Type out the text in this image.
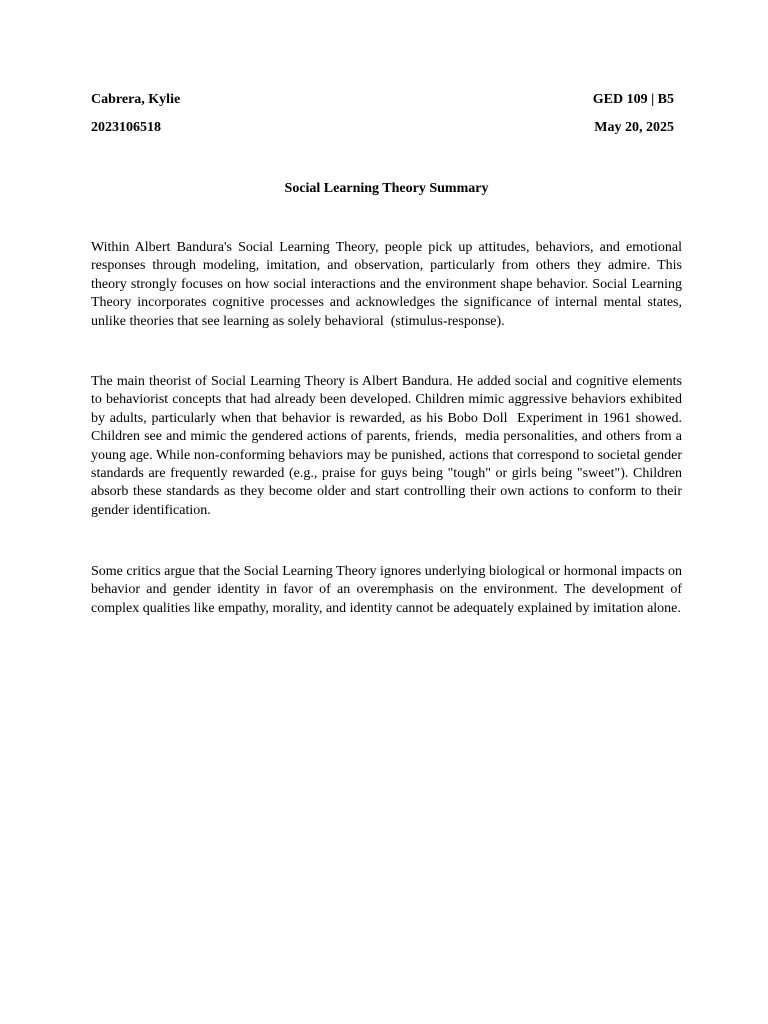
Cabrera, Kylie	GED 109 | B5
2023106518	May 20, 2025
Social Learning Theory Summary

Within Albert Bandura's Social Learning Theory, people pick up attitudes, behaviors, and emotional responses through modeling, imitation, and observation, particularly from others they admire. This theory strongly focuses on how social interactions and the environment shape behavior. Social Learning Theory incorporates cognitive processes and acknowledges the significance of internal mental states, unlike theories that see learning as solely behavioral  (stimulus-response).

The main theorist of Social Learning Theory is Albert Bandura. He added social and cognitive elements to behaviorist concepts that had already been developed. Children mimic aggressive behaviors exhibited by adults, particularly when that behavior is rewarded, as his Bobo Doll  Experiment in 1961 showed. Children see and mimic the gendered actions of parents, friends,  media personalities, and others from a young age. While non-conforming behaviors may be punished, actions that correspond to societal gender standards are frequently rewarded (e.g., praise for guys being "tough" or girls being "sweet"). Children absorb these standards as they become older and start controlling their own actions to conform to their gender identification.

Some critics argue that the Social Learning Theory ignores underlying biological or hormonal impacts on behavior and gender identity in favor of an overemphasis on the environment. The development of complex qualities like empathy, morality, and identity cannot be adequately explained by imitation alone.
